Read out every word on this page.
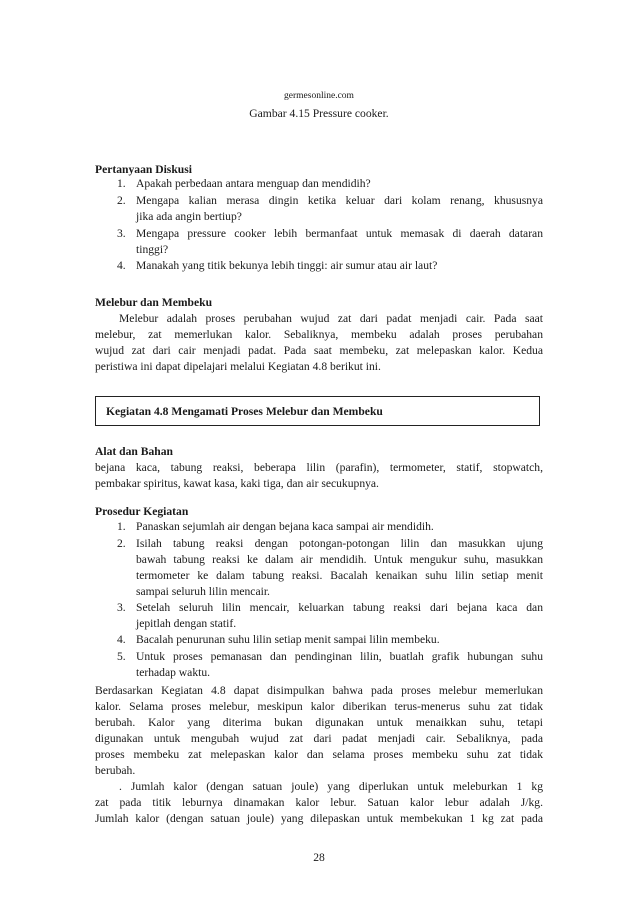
germesonline.com
Gambar 4.15 Pressure cooker.
Pertanyaan Diskusi
1. Apakah perbedaan antara menguap dan mendidih?
2. Mengapa kalian merasa dingin ketika keluar dari kolam renang, khususnya
jika ada angin bertiup?
3. Mengapa pressure cooker lebih bermanfaat untuk memasak di daerah dataran
tinggi?
4. Manakah yang titik bekunya lebih tinggi: air sumur atau air laut?
Melebur dan Membeku
Melebur adalah proses perubahan wujud zat dari padat menjadi cair. Pada saat
melebur, zat memerlukan kalor. Sebaliknya, membeku adalah proses perubahan
wujud zat dari cair menjadi padat. Pada saat membeku, zat melepaskan kalor. Kedua
peristiwa ini dapat dipelajari melalui Kegiatan 4.8 berikut ini.
Kegiatan 4.8 Mengamati Proses Melebur dan Membeku
Alat dan Bahan
bejana kaca, tabung reaksi, beberapa lilin (parafin), termometer, statif, stopwatch,
pembakar spiritus, kawat kasa, kaki tiga, dan air secukupnya.
Prosedur Kegiatan
1. Panaskan sejumlah air dengan bejana kaca sampai air mendidih.
2. Isilah tabung reaksi dengan potongan-potongan lilin dan masukkan ujung
bawah tabung reaksi ke dalam air mendidih. Untuk mengukur suhu, masukkan
termometer ke dalam tabung reaksi. Bacalah kenaikan suhu lilin setiap menit
sampai seluruh lilin mencair.
3. Setelah seluruh lilin mencair, keluarkan tabung reaksi dari bejana kaca dan
jepitlah dengan statif.
4. Bacalah penurunan suhu lilin setiap menit sampai lilin membeku.
5. Untuk proses pemanasan dan pendinginan lilin, buatlah grafik hubungan suhu
terhadap waktu.
Berdasarkan Kegiatan 4.8 dapat disimpulkan bahwa pada proses melebur memerlukan
kalor. Selama proses melebur, meskipun kalor diberikan terus-menerus suhu zat tidak
berubah. Kalor yang diterima bukan digunakan untuk menaikkan suhu, tetapi
digunakan untuk mengubah wujud zat dari padat menjadi cair. Sebaliknya, pada
proses membeku zat melepaskan kalor dan selama proses membeku suhu zat tidak
berubah.
. Jumlah kalor (dengan satuan joule) yang diperlukan untuk meleburkan 1 kg
zat pada titik leburnya dinamakan kalor lebur. Satuan kalor lebur adalah J/kg.
Jumlah kalor (dengan satuan joule) yang dilepaskan untuk membekukan 1 kg zat pada
28
